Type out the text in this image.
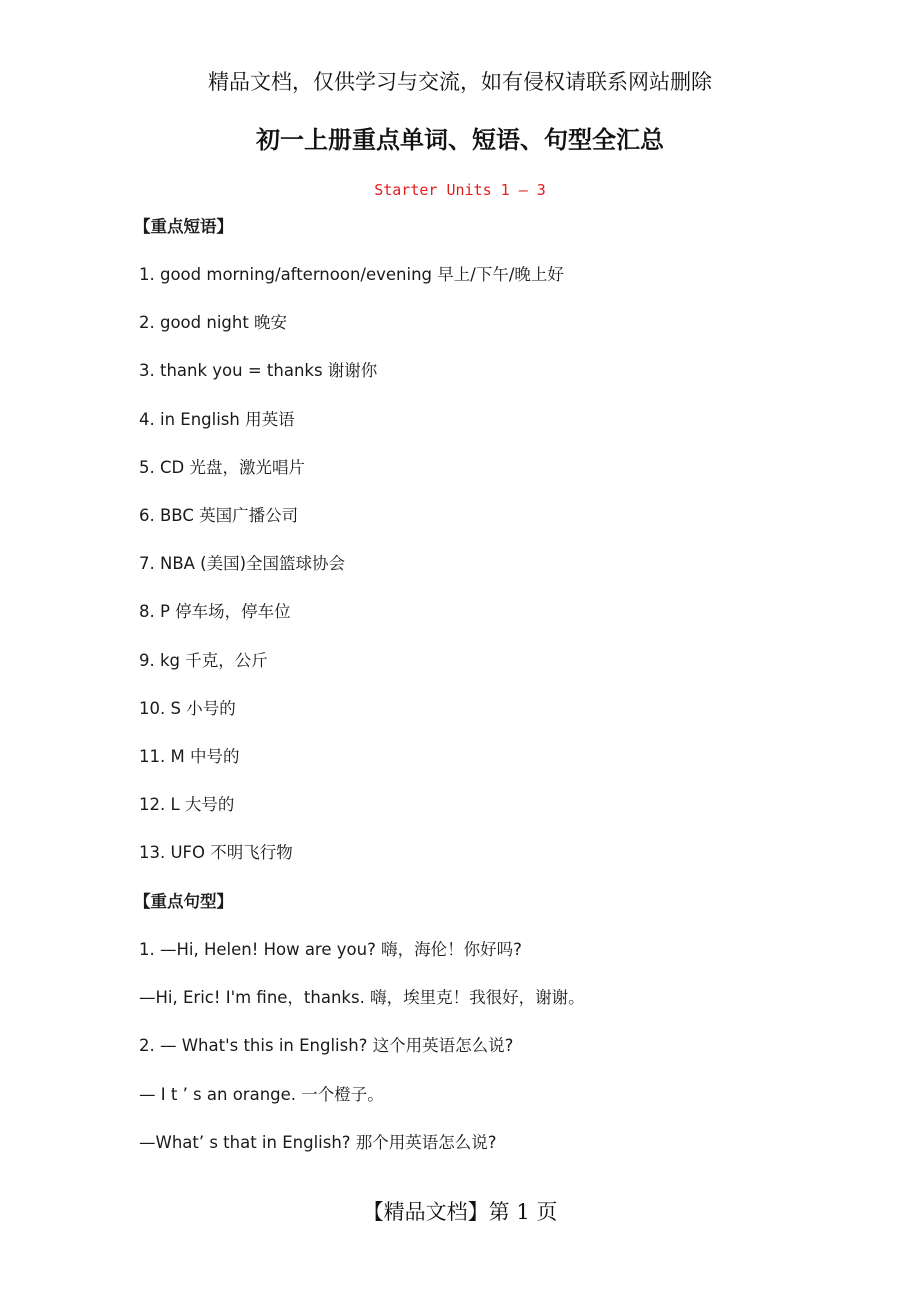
精品文档，仅供学习与交流，如有侵权请联系网站删除
初一上册重点单词、短语、句型全汇总
Starter Units 1 — 3
【重点短语】
1. good morning/afternoon/evening 早上/下午/晚上好
2. good night 晚安
3. thank you = thanks 谢谢你
4. in English 用英语
5. CD 光盘，激光唱片
6. BBC 英国广播公司
7. NBA (美国)全国篮球协会
8. P 停车场，停车位
9. kg 千克，公斤
10. S 小号的
11. M 中号的
12. L 大号的
13. UFO 不明飞行物
【重点句型】
1. —Hi, Helen! How are you? 嗨，海伦！你好吗?
—Hi, Eric! I'm fine，thanks. 嗨，埃里克！我很好，谢谢。
2. — What's this in English? 这个用英语怎么说?
— I t ’ s an orange. 一个橙子。
—What’ s that in English? 那个用英语怎么说?
【精品文档】第 1 页
